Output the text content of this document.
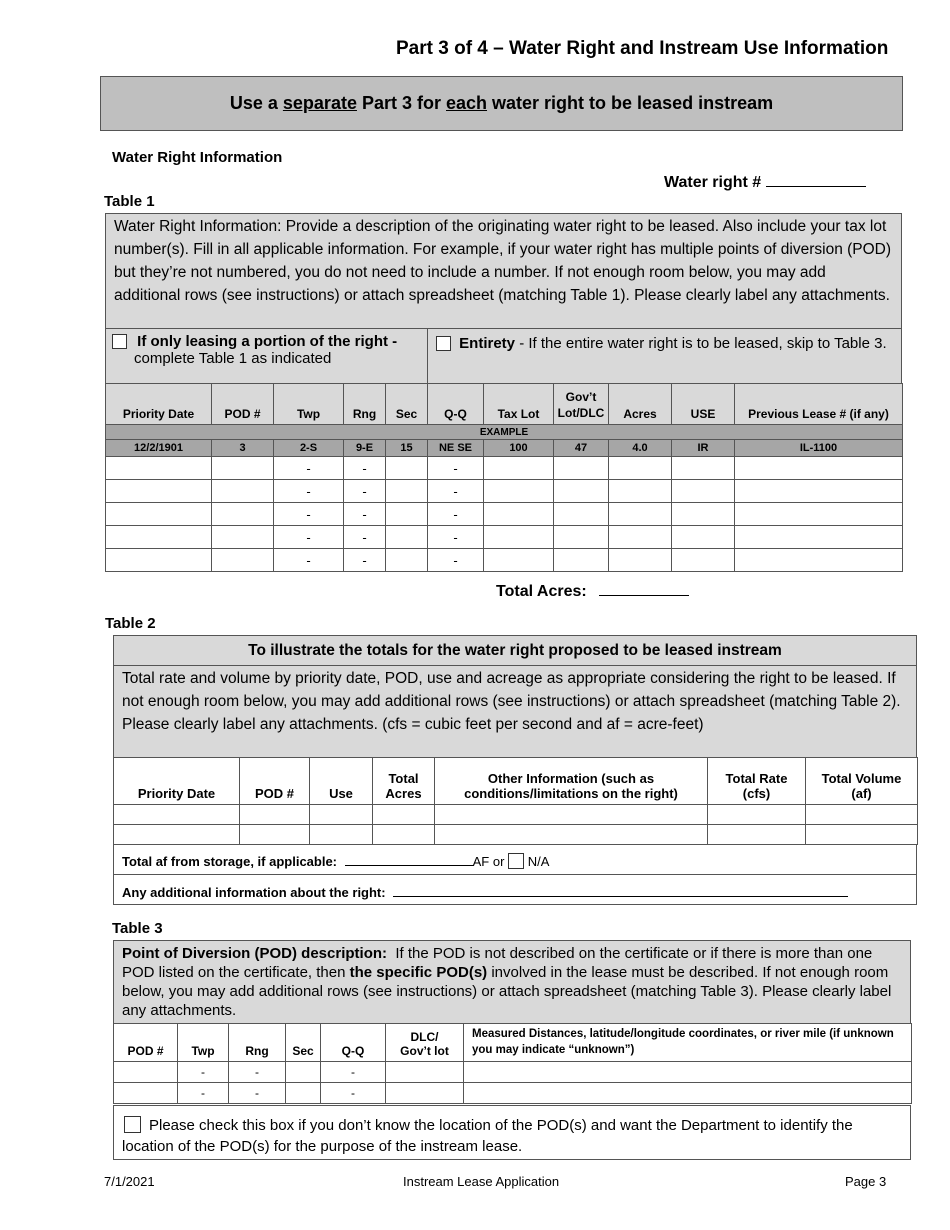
Part 3 of 4 – Water Right and Instream Use Information
Use a separate Part 3 for each water right to be leased instream
Water Right Information
Water right #
Table 1
Water Right Information: Provide a description of the originating water right to be leased. Also include your tax lot number(s). Fill in all applicable information. For example, if your water right has multiple points of diversion (POD) but they’re not numbered, you do not need to include a number. If not enough room below, you may add additional rows (see instructions) or attach spreadsheet (matching Table 1). Please clearly label any attachments.
If only leasing a portion of the right -
complete Table 1 as indicated
Entirety - If the entire water right is to be leased, skip to Table 3.
Priority Date	POD #	Twp	Rng	Sec	Q-Q	Tax Lot	Gov’t Lot/DLC	Acres	USE	Previous Lease # (if any)
EXAMPLE										
12/2/1901	3	2-S	9-E	15	NE SE	100	47	4.0	IR	IL-1100
		-	-		-					
		-	-		-					
		-	-		-					
		-	-		-					
		-	-		-					
Total Acres:
Table 2
To illustrate the totals for the water right proposed to be leased instream
Total rate and volume by priority date, POD, use and acreage as appropriate considering the right to be leased. If not enough room below, you may add additional rows (see instructions) or attach spreadsheet (matching Table 2). Please clearly label any attachments. (cfs = cubic feet per second and af = acre-feet)
Priority Date	POD #	Use	Total Acres	Other Information (such as conditions/limitations on the right)	Total Rate (cfs)	Total Volume (af)

Total af from storage, if applicable:	AF or N/A
Any additional information about the right:
Table 3
Point of Diversion (POD) description:  If the POD is not described on the certificate or if there is more than one POD listed on the certificate, then the specific POD(s) involved in the lease must be described. If not enough room below, you may add additional rows (see instructions) or attach spreadsheet (matching Table 3). Please clearly label any attachments.
POD #	Twp	Rng	Sec	Q-Q	DLC/ Gov’t lot	Measured Distances, latitude/longitude coordinates, or river mile (if unknown you may indicate “unknown”)
	-	-		-		
	-	-		-		
Please check this box if you don’t know the location of the POD(s) and want the Department to identify the location of the POD(s) for the purpose of the instream lease.
7/1/2021	Instream Lease Application	Page 3
